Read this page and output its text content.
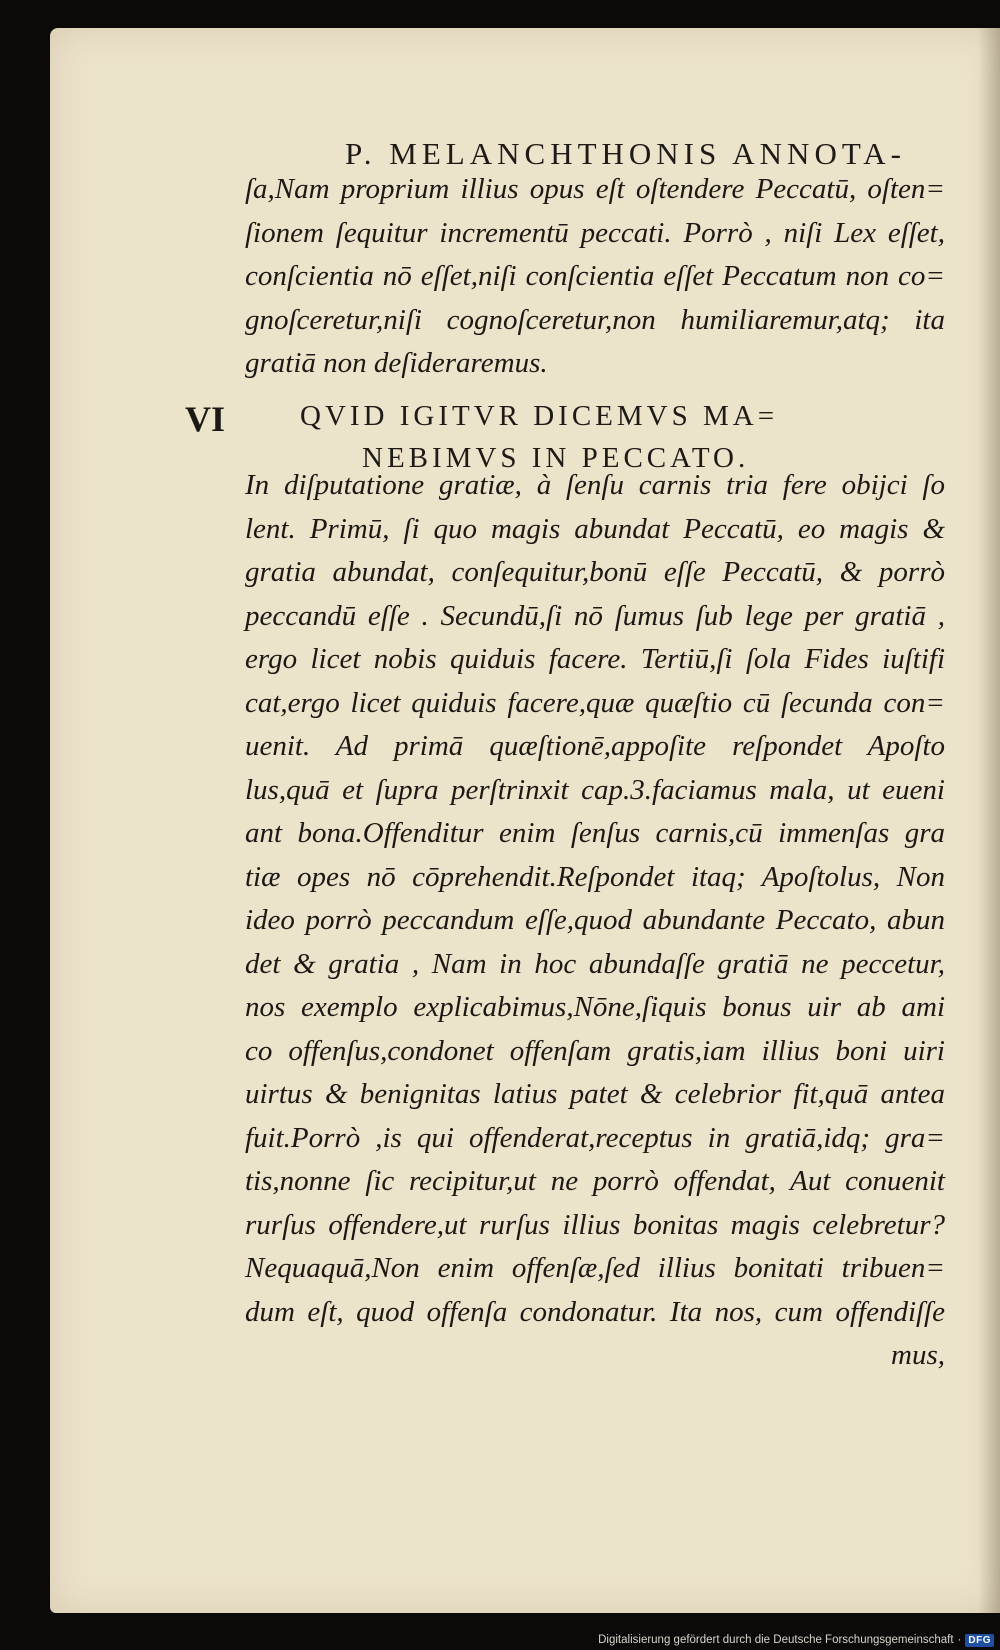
P. MELANCHTHONIS ANNOTA-
ſa,Nam proprium illius opus eſt oſtendere Peccatū, oſten=
ſionem ſequitur incrementū peccati. Porrò , niſi Lex eſſet,
conſcientia nō eſſet,niſi conſcientia eſſet Peccatum non co=
gnoſceretur,niſi cognoſceretur,non humiliaremur,atq; ita
gratiā non deſideraremus.
VI	QVID IGITVR DICEMVS MA=
NEBIMVS IN PECCATO.
In diſputatione gratiæ, à ſenſu carnis tria fere obijci ſo
lent. Primū, ſi quo magis abundat Peccatū, eo magis &
gratia abundat, conſequitur,bonū eſſe Peccatū, & porrò
peccandū eſſe . Secundū,ſi nō ſumus ſub lege per gratiā ,
ergo licet nobis quiduis facere. Tertiū,ſi ſola Fides iuſtifi
cat,ergo licet quiduis facere,quæ quæſtio cū ſecunda con=
uenit. Ad primā quæſtionē,appoſite reſpondet Apoſto
lus,quā et ſupra perſtrinxit cap.3.faciamus mala, ut eueni
ant bona.Offenditur enim ſenſus carnis,cū immenſas gra
tiæ opes nō cōprehendit.Reſpondet itaq; Apoſtolus, Non
ideo porrò peccandum eſſe,quod abundante Peccato, abun
det & gratia , Nam in hoc abundaſſe gratiā ne peccetur,
nos exemplo explicabimus,Nōne,ſiquis bonus uir ab ami
co offenſus,condonet offenſam gratis,iam illius boni uiri
uirtus & benignitas latius patet & celebrior fit,quā antea
fuit.Porrò ,is qui offenderat,receptus in gratiā,idq; gra=
tis,nonne ſic recipitur,ut ne porrò offendat, Aut conuenit
rurſus offendere,ut rurſus illius bonitas magis celebretur?
Nequaquā,Non enim offenſæ,ſed illius bonitati tribuen=
dum eſt, quod offenſa condonatur. Ita nos, cum offendiſſe
mus,
Digitalisierung gefördert durch die Deutsche Forschungsgemeinschaft · DFG
